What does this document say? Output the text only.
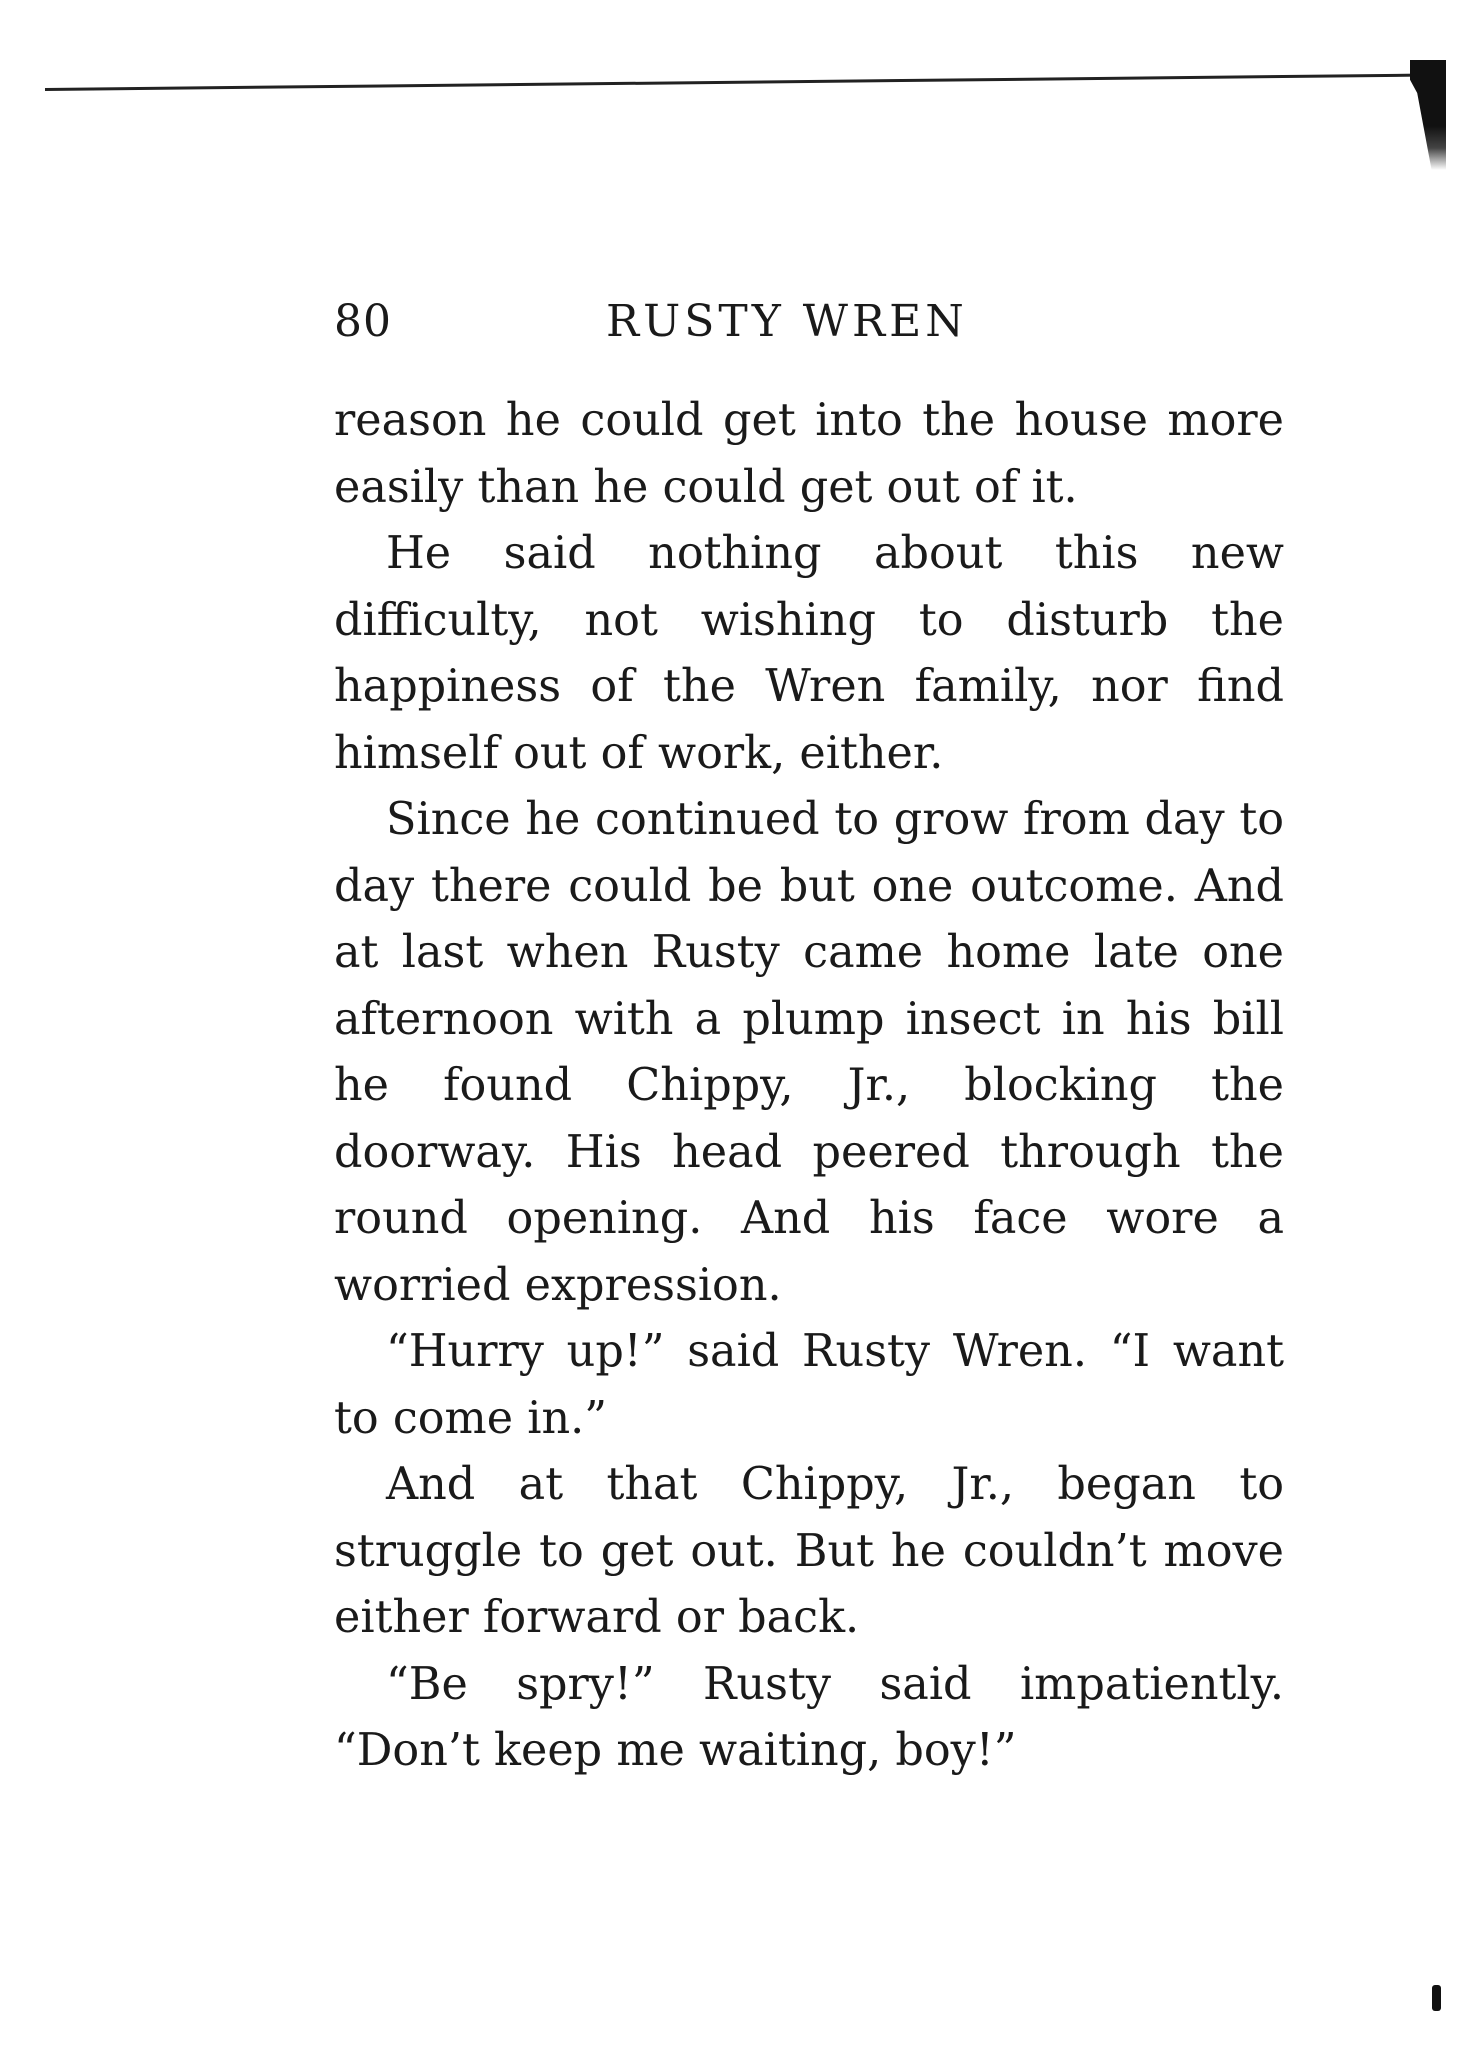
80	RUSTY WREN

reason he could get into the house more easily than he could get out of it.

He said nothing about this new difficulty, not wishing to disturb the happiness of the Wren family, nor find himself out of work, either.

Since he continued to grow from day to day there could be but one outcome. And at last when Rusty came home late one afternoon with a plump insect in his bill he found Chippy, Jr., blocking the doorway. His head peered through the round opening. And his face wore a worried expression.

“Hurry up!” said Rusty Wren. “I want to come in.”

And at that Chippy, Jr., began to struggle to get out. But he couldn’t move either forward or back.

“Be spry!” Rusty said impatiently. “Don’t keep me waiting, boy!”
